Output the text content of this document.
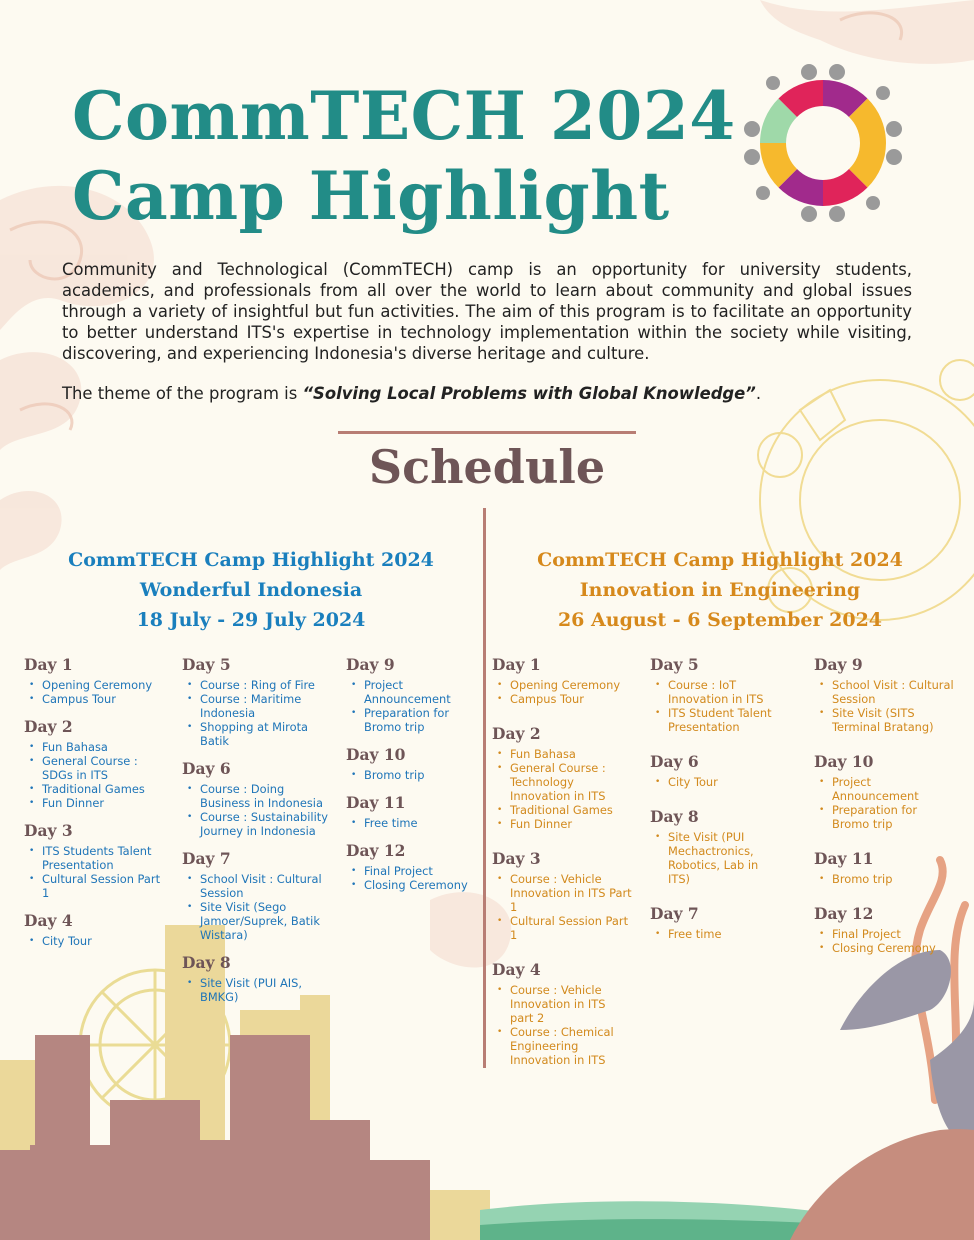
CommTECH 2024
Camp Highlight

Community and Technological (CommTECH) camp is an opportunity for university students, academics, and professionals from all over the world to learn about community and global issues through a variety of insightful but fun activities. The aim of this program is to facilitate an opportunity to better understand ITS's expertise in technology implementation within the society while visiting, discovering, and experiencing Indonesia's diverse heritage and culture.

The theme of the program is “Solving Local Problems with Global Knowledge”.

Schedule
CommTECH Camp Highlight 2024
Wonderful Indonesia
18 July - 29 July 2024
CommTECH Camp Highlight 2024
Innovation in Engineering
26 August - 6 September 2024
Day 1
• Opening Ceremony
• Campus Tour
Day 2
• Fun Bahasa
• General Course : SDGs in ITS
• Traditional Games
• Fun Dinner
Day 3
• ITS Students Talent Presentation
• Cultural Session Part 1
Day 4
• City Tour
Day 5
• Course : Ring of Fire
• Course : Maritime Indonesia
• Shopping at Mirota Batik
Day 6
• Course : Doing Business in Indonesia
• Course : Sustainability Journey in Indonesia
Day 7
• School Visit : Cultural Session
• Site Visit (Sego Jamoer/Suprek, Batik Wistara)
Day 8
• Site Visit (PUI AIS, BMKG)
Day 9
• Project Announcement
• Preparation for Bromo trip
Day 10
• Bromo trip
Day 11
• Free time
Day 12
• Final Project
• Closing Ceremony
Day 1
• Opening Ceremony
• Campus Tour
Day 2
• Fun Bahasa
• General Course : Technology Innovation in ITS
• Traditional Games
• Fun Dinner
Day 3
• Course : Vehicle Innovation in ITS Part 1
• Cultural Session Part 1
Day 4
• Course : Vehicle Innovation in ITS part 2
• Course : Chemical Engineering Innovation in ITS
Day 5
• Course : IoT Innovation in ITS
• ITS Student Talent Presentation
Day 6
• City Tour
Day 8
• Site Visit (PUI Mechactronics, Robotics, Lab in ITS)
Day 7
• Free time
Day 9
• School Visit : Cultural Session
• Site Visit (SITS Terminal Bratang)
Day 10
• Project Announcement
• Preparation for Bromo trip
Day 11
• Bromo trip
Day 12
• Final Project
• Closing Ceremony
